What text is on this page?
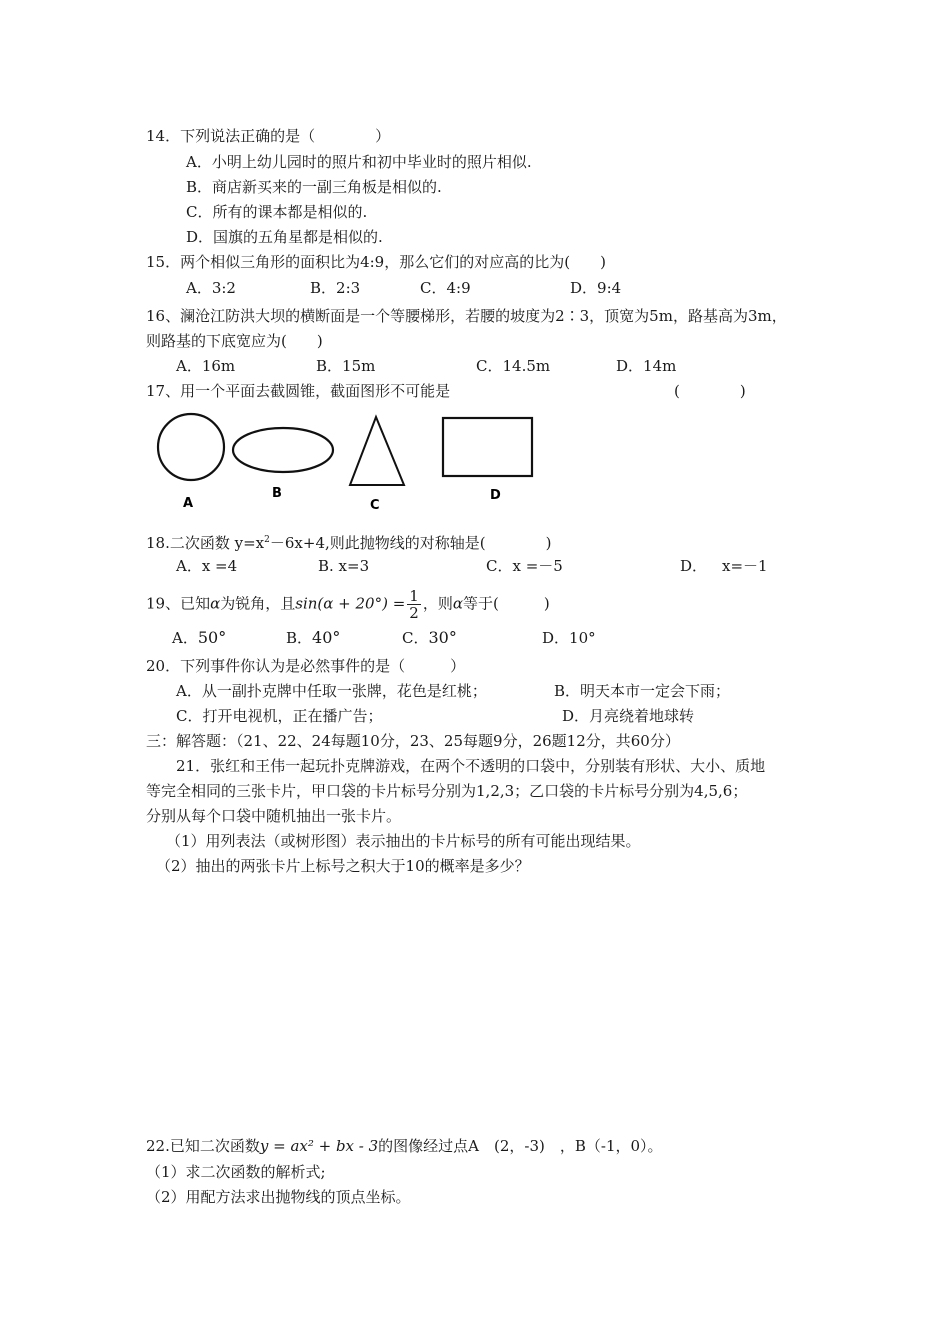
14．下列说法正确的是（　　　　）
A．小明上幼儿园时的照片和初中毕业时的照片相似.
B．商店新买来的一副三角板是相似的.
C．所有的课本都是相似的.
D．国旗的五角星都是相似的.
15．两个相似三角形的面积比为4:9，那么它们的对应高的比为(　　)
A．3:2	B．2:3	C．4:9	D．9:4
16、澜沧江防洪大坝的横断面是一个等腰梯形，若腰的坡度为2∶3，顶宽为5m，路基高为3m，
则路基的下底宽应为(　　)
A．16m	B．15m	C．14.5m	D．14m
17、用一个平面去截圆锥，截面图形不可能是	(　　　　)
A
B
C
D
18.二次函数 $y=x^2-6x+4$,则此抛物线的对称轴是(　　　　)
A．x =4	B. x=3	C．x =－5	D． x=－1
19、已知α为锐角，且$\sin(\alpha + 20^\circ) = \frac{1}{2}$ ，则α等于(　　　)
A．50°	B．40°	C．30°	D．10°
20．下列事件你认为是必然事件的是（　　　）
A．从一副扑克牌中任取一张牌，花色是红桃；	B．明天本市一定会下雨；
C．打开电视机，正在播广告；	D．月亮绕着地球转
三：解答题：（21、22、24每题10分，23、25每题9分，26题12分，共60分）
21．张红和王伟一起玩扑克牌游戏，在两个不透明的口袋中，分别装有形状、大小、质地
等完全相同的三张卡片，甲口袋的卡片标号分别为1,2,3；乙口袋的卡片标号分别为4,5,6；
分别从每个口袋中随机抽出一张卡片。
（1）用列表法（或树形图）表示抽出的卡片标号的所有可能出现结果。
（2）抽出的两张卡片上标号之积大于10的概率是多少？
22.已知二次函数y = ax² + bx - 3的图像经过点A　(2，-3)　，B（-1，0）。
（1）求二次函数的解析式;
（2）用配方法求出抛物线的顶点坐标。
